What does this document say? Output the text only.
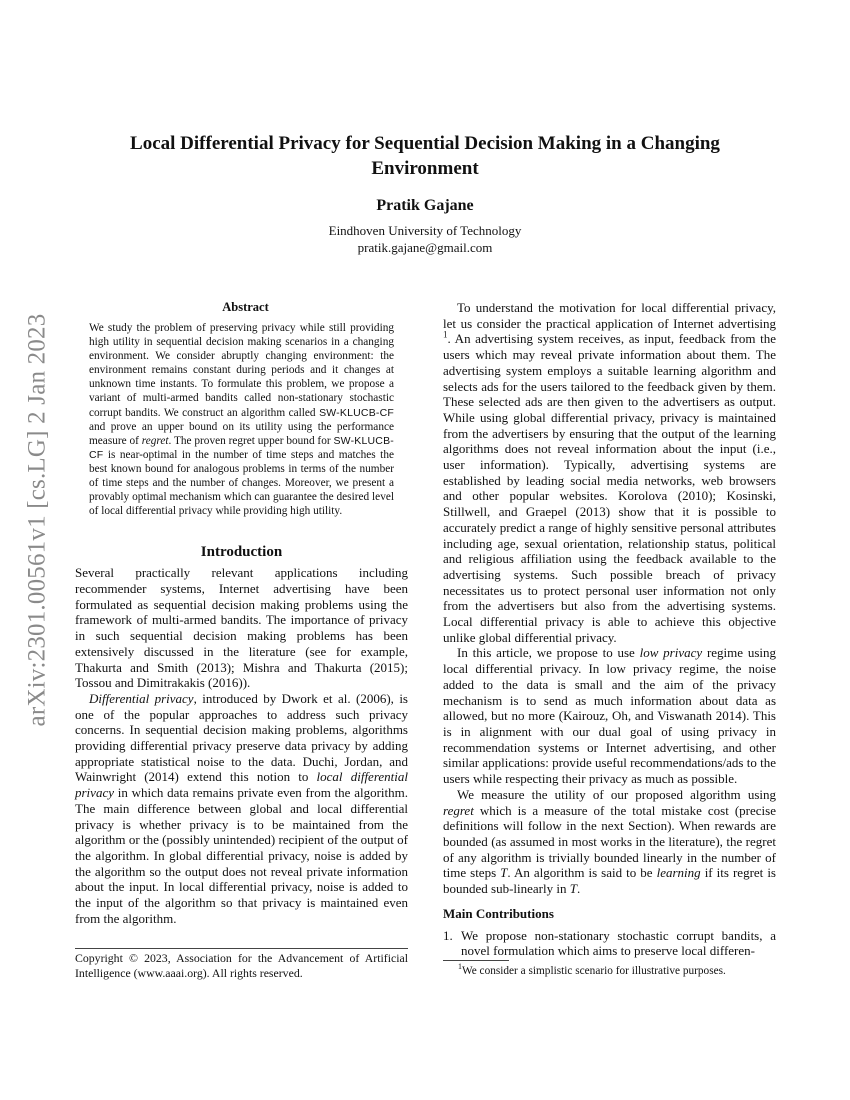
arXiv:2301.00561v1 [cs.LG] 2 Jan 2023
Local Differential Privacy for Sequential Decision Making in a Changing Environment

Pratik Gajane

Eindhoven University of Technology
pratik.gajane@gmail.com
Abstract

We study the problem of preserving privacy while still providing high utility in sequential decision making scenarios in a changing environment. We consider abruptly changing environment: the environment remains constant during periods and it changes at unknown time instants. To formulate this problem, we propose a variant of multi-armed bandits called non-stationary stochastic corrupt bandits. We construct an algorithm called SW-KLUCB-CF and prove an upper bound on its utility using the performance measure of regret. The proven regret upper bound for SW-KLUCB-CF is near-optimal in the number of time steps and matches the best known bound for analogous problems in terms of the number of time steps and the number of changes. Moreover, we present a provably optimal mechanism which can guarantee the desired level of local differential privacy while providing high utility.

Introduction

Several practically relevant applications including recommender systems, Internet advertising have been formulated as sequential decision making problems using the framework of multi-armed bandits. The importance of privacy in such sequential decision making problems has been extensively discussed in the literature (see for example, Thakurta and Smith (2013); Mishra and Thakurta (2015); Tossou and Dimitrakakis (2016)).

Differential privacy, introduced by Dwork et al. (2006), is one of the popular approaches to address such privacy concerns. In sequential decision making problems, algorithms providing differential privacy preserve data privacy by adding appropriate statistical noise to the data. Duchi, Jordan, and Wainwright (2014) extend this notion to local differential privacy in which data remains private even from the algorithm. The main difference between global and local differential privacy is whether privacy is to be maintained from the algorithm or the (possibly unintended) recipient of the output of the algorithm. In global differential privacy, noise is added by the algorithm so the output does not reveal private information about the input. In local differential privacy, noise is added to the input of the algorithm so that privacy is maintained even from the algorithm.

Copyright © 2023, Association for the Advancement of Artificial Intelligence (www.aaai.org). All rights reserved.

To understand the motivation for local differential privacy, let us consider the practical application of Internet advertising $^1$. An advertising system receives, as input, feedback from the users which may reveal private information about them. The advertising system employs a suitable learning algorithm and selects ads for the users tailored to the feedback given by them. These selected ads are then given to the advertisers as output. While using global differential privacy, privacy is maintained from the advertisers by ensuring that the output of the learning algorithms does not reveal information about the input (i.e., user information). Typically, advertising systems are established by leading social media networks, web browsers and other popular websites. Korolova (2010); Kosinski, Stillwell, and Graepel (2013) show that it is possible to accurately predict a range of highly sensitive personal attributes including age, sexual orientation, relationship status, political and religious affiliation using the feedback available to the advertising systems. Such possible breach of privacy necessitates us to protect personal user information not only from the advertisers but also from the advertising systems. Local differential privacy is able to achieve this objective unlike global differential privacy.

In this article, we propose to use low privacy regime using local differential privacy. In low privacy regime, the noise added to the data is small and the aim of the privacy mechanism is to send as much information about data as allowed, but no more (Kairouz, Oh, and Viswanath 2014). This is in alignment with our dual goal of using privacy in recommendation systems or Internet advertising, and other similar applications: provide useful recommendations/ads to the users while respecting their privacy as much as possible.

We measure the utility of our proposed algorithm using regret which is a measure of the total mistake cost (precise definitions will follow in the next Section). When rewards are bounded (as assumed in most works in the literature), the regret of any algorithm is trivially bounded linearly in the number of time steps T. An algorithm is said to be learning if its regret is bounded sub-linearly in T.

Main Contributions
1. We propose non-stationary stochastic corrupt bandits, a novel formulation which aims to preserve local differen-
$^1$We consider a simplistic scenario for illustrative purposes.
